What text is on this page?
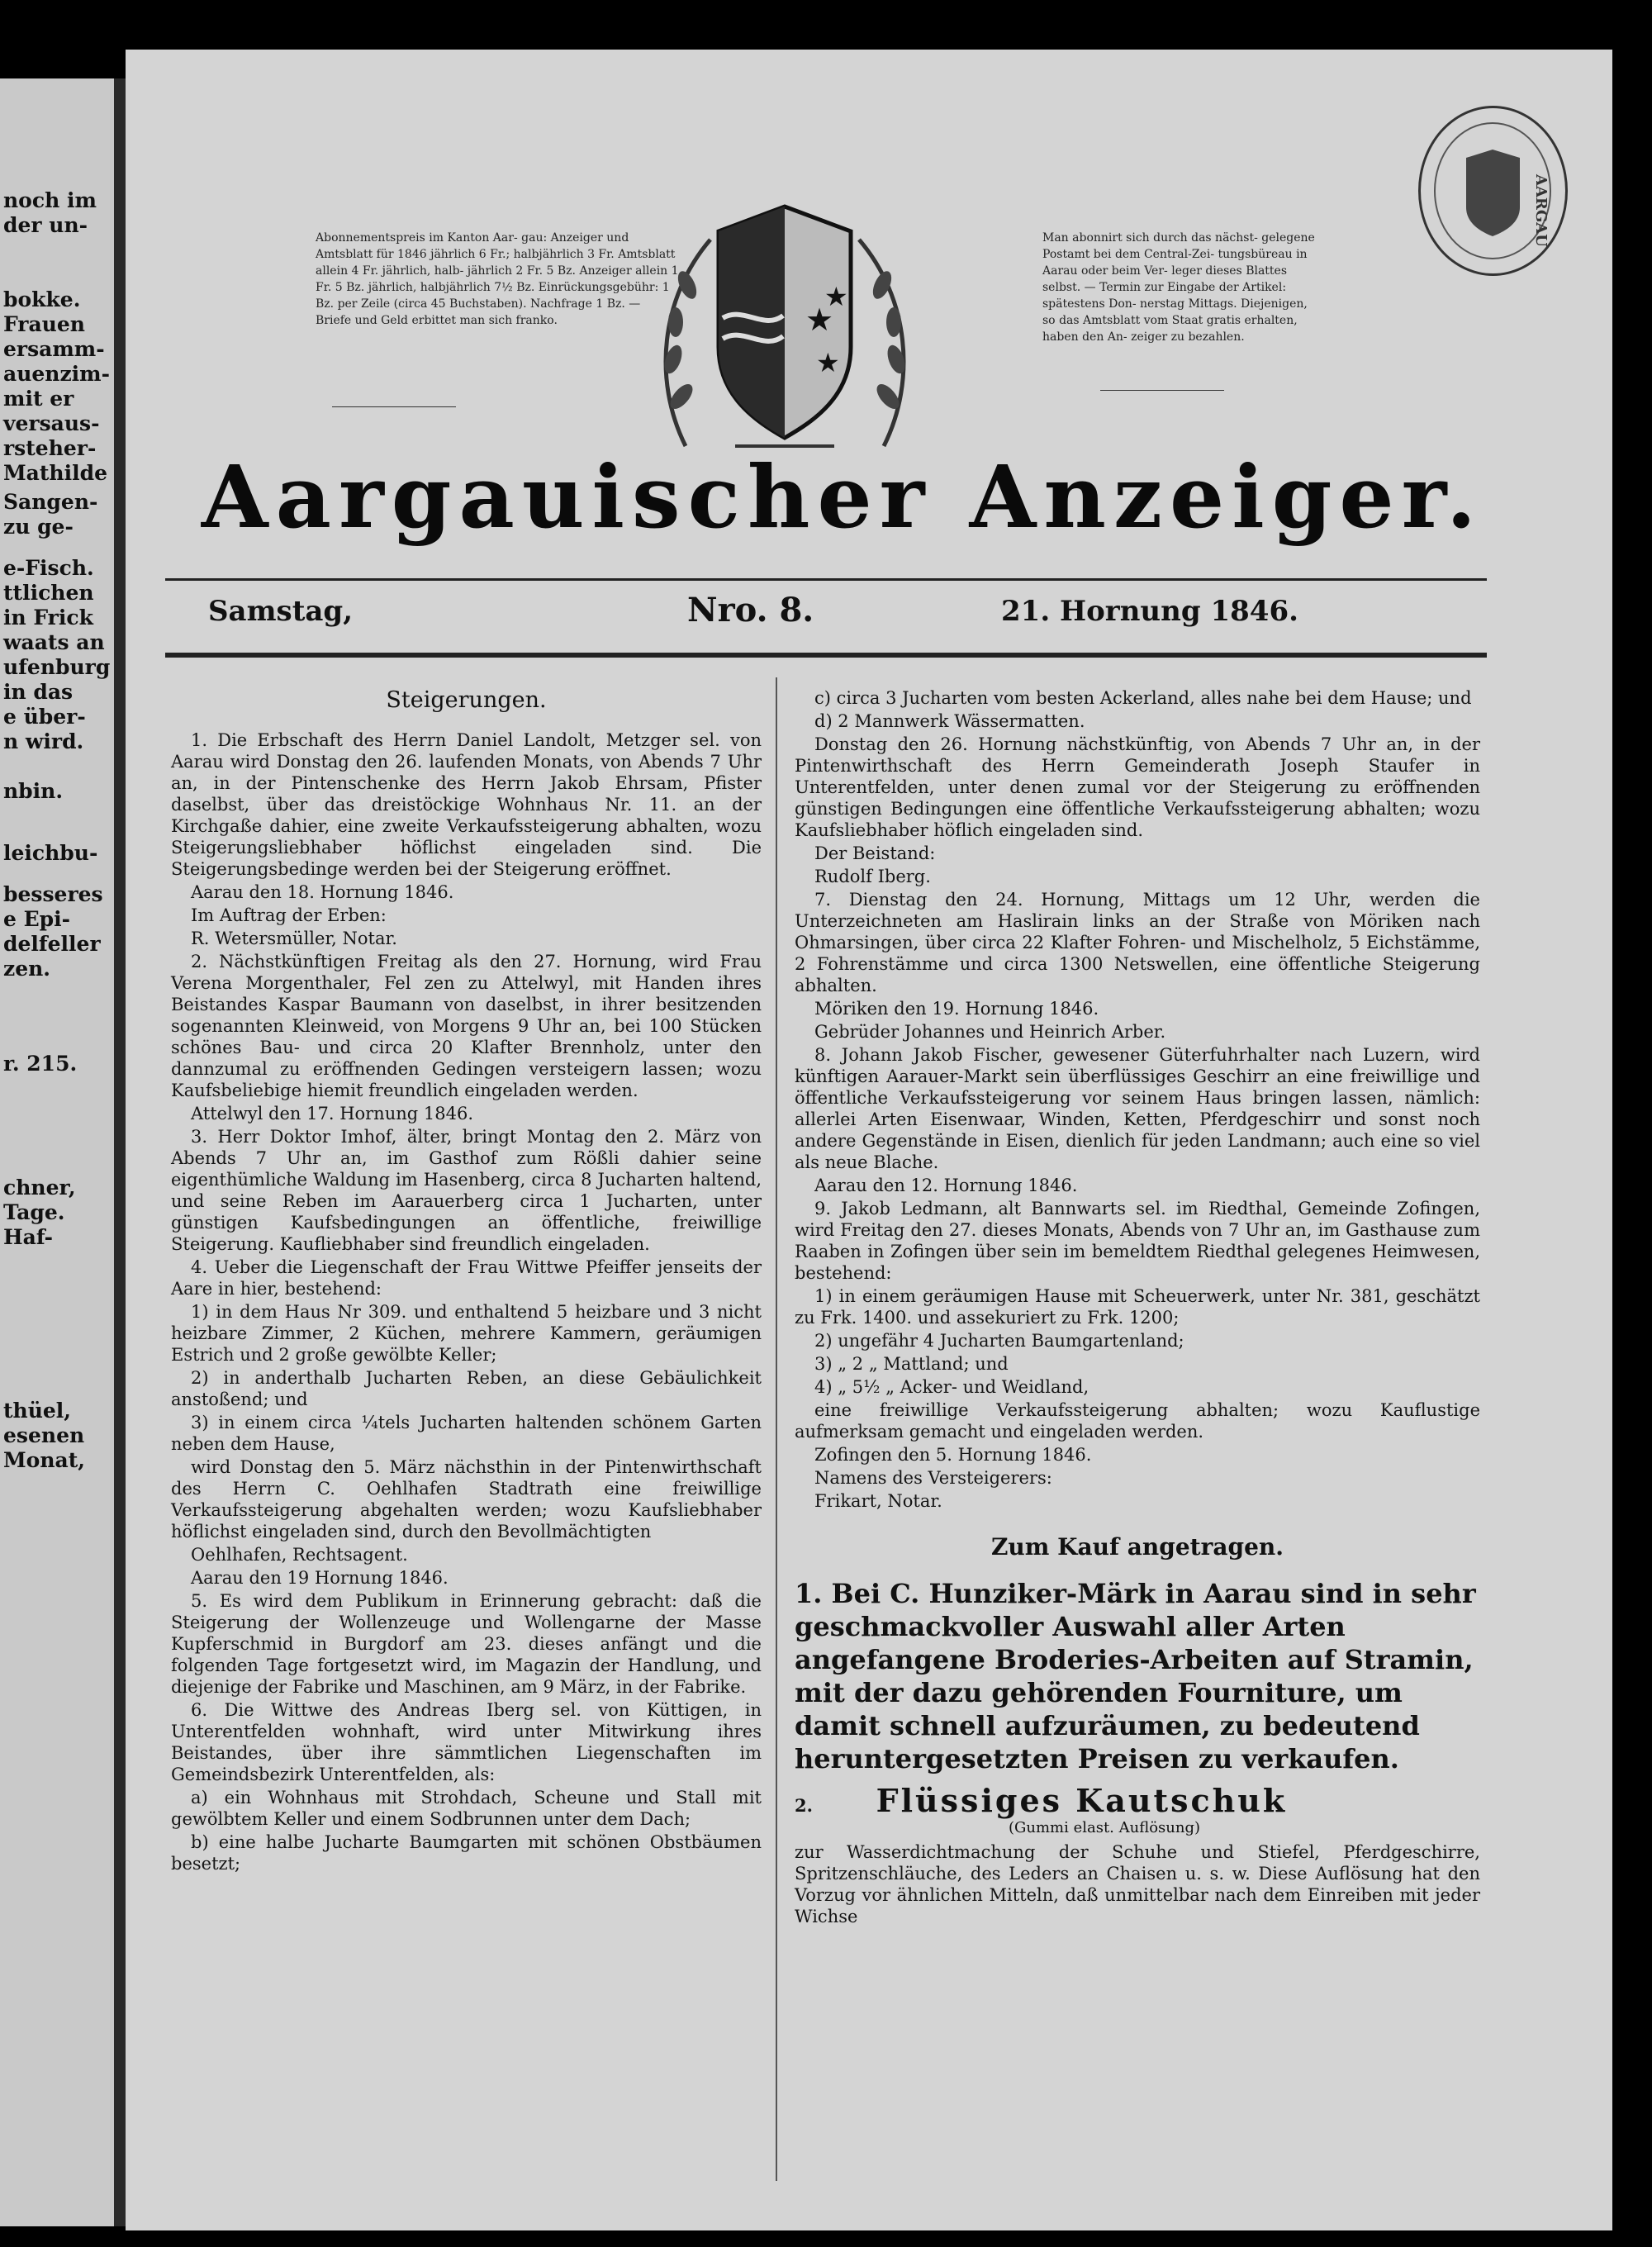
noch im
der un-
bokke.
Frauen
ersamm-
auenzim-
mit er
versaus-
rsteher-
Mathilde
Sangen-
zu ge-
e-Fisch.
ttlichen
in Frick
waats an
ufenburg
in das
e über-
n wird.
nbin.
leichbu-
besseres
e Epi-
delfeller
zen.
r. 215.
chner,
Tage.
Haf-
thüel,
esenen
Monat,
Abonnementspreis im Kanton Aar- gau: Anzeiger und Amtsblatt für 1846 jährlich 6 Fr.; halbjährlich 3 Fr. Amtsblatt allein 4 Fr. jährlich, halb- jährlich 2 Fr. 5 Bz. Anzeiger allein 1 Fr. 5 Bz. jährlich, halbjährlich 7½ Bz. Einrückungsgebühr: 1 Bz. per Zeile (circa 45 Buchstaben). Nachfrage 1 Bz. — Briefe und Geld erbittet man sich franko.
Man abonnirt sich durch das nächst- gelegene Postamt bei dem Central-Zei- tungsbüreau in Aarau oder beim Ver- leger dieses Blattes selbst. — Termin zur Eingabe der Artikel: spätestens Don- nerstag Mittags. Diejenigen, so das Amtsblatt vom Staat gratis erhalten, haben den An- zeiger zu bezahlen.
★
★
★
Aargauischer Anzeiger.
Samstag,	Nro. 8.	21. Hornung 1846.
Steigerungen.
1. Die Erbschaft des Herrn Daniel Landolt, Metzger sel. von Aarau wird Donstag den 26. laufenden Monats, von Abends 7 Uhr an, in der Pintenschenke des Herrn Jakob Ehrsam, Pfister daselbst, über das dreistöckige Wohnhaus Nr. 11. an der Kirchgaße dahier, eine zweite Verkaufssteigerung abhalten, wozu Steigerungsliebhaber höflichst eingeladen sind. Die Steigerungsbedinge werden bei der Steigerung eröffnet.
Aarau den 18. Hornung 1846.
Im Auftrag der Erben:
R. Wetersmüller, Notar.
2. Nächstkünftigen Freitag als den 27. Hornung, wird Frau Verena Morgenthaler, Fel zen zu Attelwyl, mit Handen ihres Beistandes Kaspar Baumann von daselbst, in ihrer besitzenden sogenannten Kleinweid, von Morgens 9 Uhr an, bei 100 Stücken schönes Bau- und circa 20 Klafter Brennholz, unter den dannzumal zu eröffnenden Gedingen versteigern lassen; wozu Kaufsbeliebige hiemit freundlich eingeladen werden.
Attelwyl den 17. Hornung 1846.
3. Herr Doktor Imhof, älter, bringt Montag den 2. März von Abends 7 Uhr an, im Gasthof zum Rößli dahier seine eigenthümliche Waldung im Hasenberg, circa 8 Jucharten haltend, und seine Reben im Aarauerberg circa 1 Jucharten, unter günstigen Kaufsbedingungen an öffentliche, freiwillige Steigerung. Kaufliebhaber sind freundlich eingeladen.
4. Ueber die Liegenschaft der Frau Wittwe Pfeiffer jenseits der Aare in hier, bestehend:
1) in dem Haus Nr 309. und enthaltend 5 heizbare und 3 nicht heizbare Zimmer, 2 Küchen, mehrere Kammern, geräumigen Estrich und 2 große gewölbte Keller;
2) in anderthalb Jucharten Reben, an diese Gebäulichkeit anstoßend; und
3) in einem circa ¼tels Jucharten haltenden schönem Garten neben dem Hause,
wird Donstag den 5. März nächsthin in der Pintenwirthschaft des Herrn C. Oehlhafen Stadtrath eine freiwillige Verkaufssteigerung abgehalten werden; wozu Kaufsliebhaber höflichst eingeladen sind, durch den Bevollmächtigten
Oehlhafen, Rechtsagent.
Aarau den 19 Hornung 1846.
5. Es wird dem Publikum in Erinnerung gebracht: daß die Steigerung der Wollenzeuge und Wollengarne der Masse Kupferschmid in Burgdorf am 23. dieses anfängt und die folgenden Tage fortgesetzt wird, im Magazin der Handlung, und diejenige der Fabrike und Maschinen, am 9 März, in der Fabrike.
6. Die Wittwe des Andreas Iberg sel. von Küttigen, in Unterentfelden wohnhaft, wird unter Mitwirkung ihres Beistandes, über ihre sämmtlichen Liegenschaften im Gemeindsbezirk Unterentfelden, als:
a) ein Wohnhaus mit Strohdach, Scheune und Stall mit gewölbtem Keller und einem Sodbrunnen unter dem Dach;
b) eine halbe Jucharte Baumgarten mit schönen Obstbäumen besetzt;
c) circa 3 Jucharten vom besten Ackerland, alles nahe bei dem Hause; und
d) 2 Mannwerk Wässermatten.
Donstag den 26. Hornung nächstkünftig, von Abends 7 Uhr an, in der Pintenwirthschaft des Herrn Gemeinderath Joseph Staufer in Unterentfelden, unter denen zumal vor der Steigerung zu eröffnenden günstigen Bedingungen eine öffentliche Verkaufssteigerung abhalten; wozu Kaufsliebhaber höflich eingeladen sind.
Der Beistand:
Rudolf Iberg.
7. Dienstag den 24. Hornung, Mittags um 12 Uhr, werden die Unterzeichneten am Haslirain links an der Straße von Möriken nach Ohmarsingen, über circa 22 Klafter Fohren- und Mischelholz, 5 Eichstämme, 2 Fohrenstämme und circa 1300 Netswellen, eine öffentliche Steigerung abhalten.
Möriken den 19. Hornung 1846.
Gebrüder Johannes und Heinrich Arber.
8. Johann Jakob Fischer, gewesener Güterfuhrhalter nach Luzern, wird künftigen Aarauer-Markt sein überflüssiges Geschirr an eine freiwillige und öffentliche Verkaufssteigerung vor seinem Haus bringen lassen, nämlich: allerlei Arten Eisenwaar, Winden, Ketten, Pferdgeschirr und sonst noch andere Gegenstände in Eisen, dienlich für jeden Landmann; auch eine so viel als neue Blache.
Aarau den 12. Hornung 1846.
9. Jakob Ledmann, alt Bannwarts sel. im Riedthal, Gemeinde Zofingen, wird Freitag den 27. dieses Monats, Abends von 7 Uhr an, im Gasthause zum Raaben in Zofingen über sein im bemeldtem Riedthal gelegenes Heimwesen, bestehend:
1) in einem geräumigen Hause mit Scheuerwerk, unter Nr. 381, geschätzt zu Frk. 1400. und assekuriert zu Frk. 1200;
2) ungefähr 4 Jucharten Baumgartenland;
3) „ 2 „ Mattland; und
4) „ 5½ „ Acker- und Weidland,
eine freiwillige Verkaufssteigerung abhalten; wozu Kauflustige aufmerksam gemacht und eingeladen werden.
Zofingen den 5. Hornung 1846.
Namens des Versteigerers:
Frikart, Notar.
Zum Kauf angetragen.
1. Bei C. Hunziker-Märk in Aarau sind in sehr geschmackvoller Auswahl aller Arten angefangene Broderies-Arbeiten auf Stramin, mit der dazu gehörenden Fourniture, um damit schnell aufzuräumen, zu bedeutend heruntergesetzten Preisen zu verkaufen.
2. Flüssiges Kautschuk
(Gummi elast. Auflösung)
zur Wasserdichtmachung der Schuhe und Stiefel, Pferdgeschirre, Spritzenschläuche, des Leders an Chaisen u. s. w. Diese Auflösung hat den Vorzug vor ähnlichen Mitteln, daß unmittelbar nach dem Einreiben mit jeder Wichse
AARGAU
